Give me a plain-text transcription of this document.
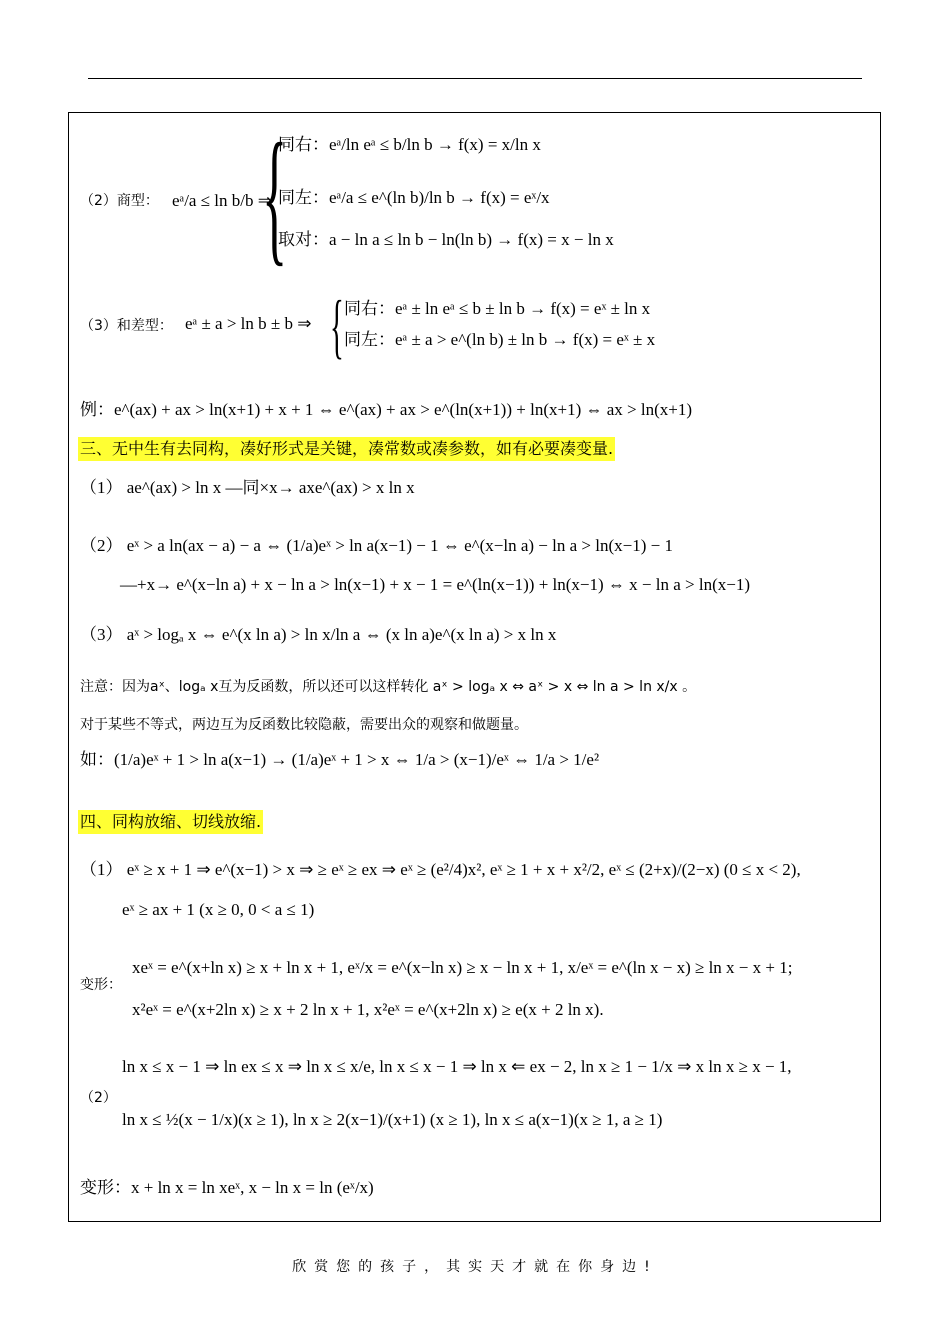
（2）商型： eᵃ/a ≤ ln b/b ⇒
{
同右：eᵃ/ln eᵃ ≤ b/ln b → f(x) = x/ln x
同左：eᵃ/a ≤ e^(ln b)/ln b → f(x) = eˣ/x
取对：a − ln a ≤ ln b − ln(ln b) → f(x) = x − ln x
（3）和差型： eᵃ ± a > ln b ± b ⇒ { 同右：eᵃ ± ln eᵃ ≤ b ± ln b → f(x) = eˣ ± ln x
同左：eᵃ ± a > e^(ln b) ± ln b → f(x) = eˣ ± x
例：e^(ax) + ax > ln(x+1) + x + 1 ⇔ e^(ax) + ax > e^(ln(x+1)) + ln(x+1) ⇔ ax > ln(x+1)
三、无中生有去同构，凑好形式是关键，凑常数或凑参数，如有必要凑变量.
（1） ae^(ax) > ln x —同×x→ axe^(ax) > x ln x
（2） eˣ > a ln(ax − a) − a ⇔ (1/a)eˣ > ln a(x−1) − 1 ⇔ e^(x−ln a) − ln a > ln(x−1) − 1
—+x→ e^(x−ln a) + x − ln a > ln(x−1) + x − 1 = e^(ln(x−1)) + ln(x−1) ⇔ x − ln a > ln(x−1)
（3） aˣ > logₐ x ⇔ e^(x ln a) > ln x/ln a ⇔ (x ln a)e^(x ln a) > x ln x
注意：因为aˣ、logₐ x互为反函数，所以还可以这样转化 aˣ > logₐ x ⇔ aˣ > x ⇔ ln a > ln x/x 。
对于某些不等式，两边互为反函数比较隐蔽，需要出众的观察和做题量。
如：(1/a)eˣ + 1 > ln a(x−1) → (1/a)eˣ + 1 > x ⇔ 1/a > (x−1)/eˣ ⇔ 1/a > 1/e²
四、同构放缩、切线放缩.
（1） eˣ ≥ x + 1 ⇒ e^(x−1) > x ⇒ ≥ eˣ ≥ ex ⇒ eˣ ≥ (e²/4)x², eˣ ≥ 1 + x + x²/2, eˣ ≤ (2+x)/(2−x) (0 ≤ x < 2),
eˣ ≥ ax + 1 (x ≥ 0, 0 < a ≤ 1)
变形：
xeˣ = e^(x+ln x) ≥ x + ln x + 1, eˣ/x = e^(x−ln x) ≥ x − ln x + 1, x/eˣ = e^(ln x − x) ≥ ln x − x + 1;
x²eˣ = e^(x+2ln x) ≥ x + 2 ln x + 1, x²eˣ = e^(x+2ln x) ≥ e(x + 2 ln x).
（2）
ln x ≤ x − 1 ⇒ ln ex ≤ x ⇒ ln x ≤ x/e, ln x ≤ x − 1 ⇒ ln x ⇐ ex − 2, ln x ≥ 1 − 1/x ⇒ x ln x ≥ x − 1,
ln x ≤ ½(x − 1/x)(x ≥ 1), ln x ≥ 2(x−1)/(x+1) (x ≥ 1), ln x ≤ a(x−1)(x ≥ 1, a ≥ 1)
变形：x + ln x = ln xeˣ, x − ln x = ln (eˣ/x)
欣赏您的孩子，其实天才就在你身边!
